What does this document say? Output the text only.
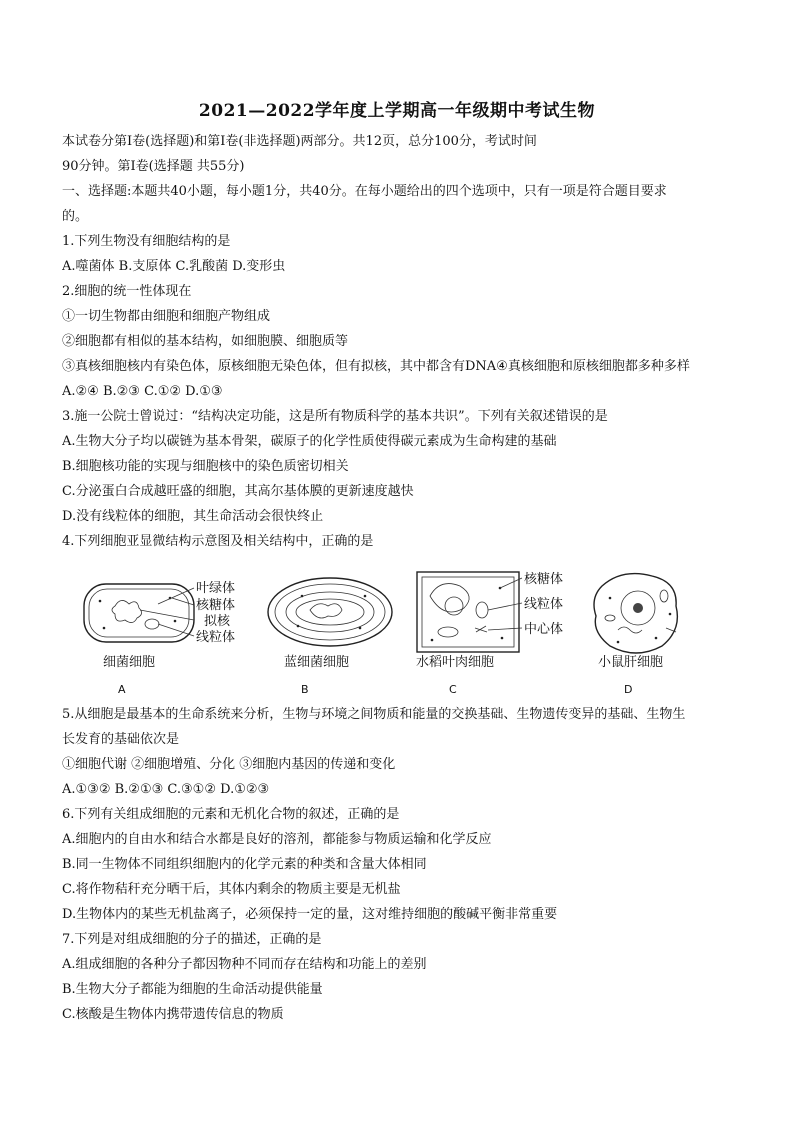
2021—2022学年度上学期高一年级期中考试生物
本试卷分第Ⅰ卷(选择题)和第Ⅰ卷(非选择题)两部分。共12页，总分100分，考试时间
90分钟。第Ⅰ卷(选择题 共55分)
一、选择题:本题共40小题，每小题1分，共40分。在每小题给出的四个选项中，只有一项是符合题目要求
的。
1.下列生物没有细胞结构的是
A.噬菌体 B.支原体 C.乳酸菌 D.变形虫
2.细胞的统一性体现在
①一切生物都由细胞和细胞产物组成
②细胞都有相似的基本结构，如细胞膜、细胞质等
③真核细胞核内有染色体，原核细胞无染色体，但有拟核，其中都含有DNA④真核细胞和原核细胞都多种多样
A.②④ B.②③ C.①② D.①③
3.施一公院士曾说过：“结构决定功能，这是所有物质科学的基本共识”。下列有关叙述错误的是
A.生物大分子均以碳链为基本骨架，碳原子的化学性质使得碳元素成为生命构建的基础
B.细胞核功能的实现与细胞核中的染色质密切相关
C.分泌蛋白合成越旺盛的细胞，其高尔基体膜的更新速度越快
D.没有线粒体的细胞，其生命活动会很快终止
4.下列细胞亚显微结构示意图及相关结构中，正确的是
叶绿体
核糖体
拟核
线粒体
细菌细胞
A
蓝细菌细胞
B
核糖体
线粒体
中心体
水稻叶肉细胞
C
小鼠肝细胞
D
5.从细胞是最基本的生命系统来分析，生物与环境之间物质和能量的交换基础、生物遗传变异的基础、生物生
长发育的基础依次是
①细胞代谢 ②细胞增殖、分化 ③细胞内基因的传递和变化
A.①③② B.②①③ C.③①② D.①②③
6.下列有关组成细胞的元素和无机化合物的叙述，正确的是
A.细胞内的自由水和结合水都是良好的溶剂，都能参与物质运输和化学反应
B.同一生物体不同组织细胞内的化学元素的种类和含量大体相同
C.将作物秸秆充分晒干后，其体内剩余的物质主要是无机盐
D.生物体内的某些无机盐离子，必须保持一定的量，这对维持细胞的酸碱平衡非常重要
7.下列是对组成细胞的分子的描述，正确的是
A.组成细胞的各种分子都因物种不同而存在结构和功能上的差别
B.生物大分子都能为细胞的生命活动提供能量
C.核酸是生物体内携带遗传信息的物质
